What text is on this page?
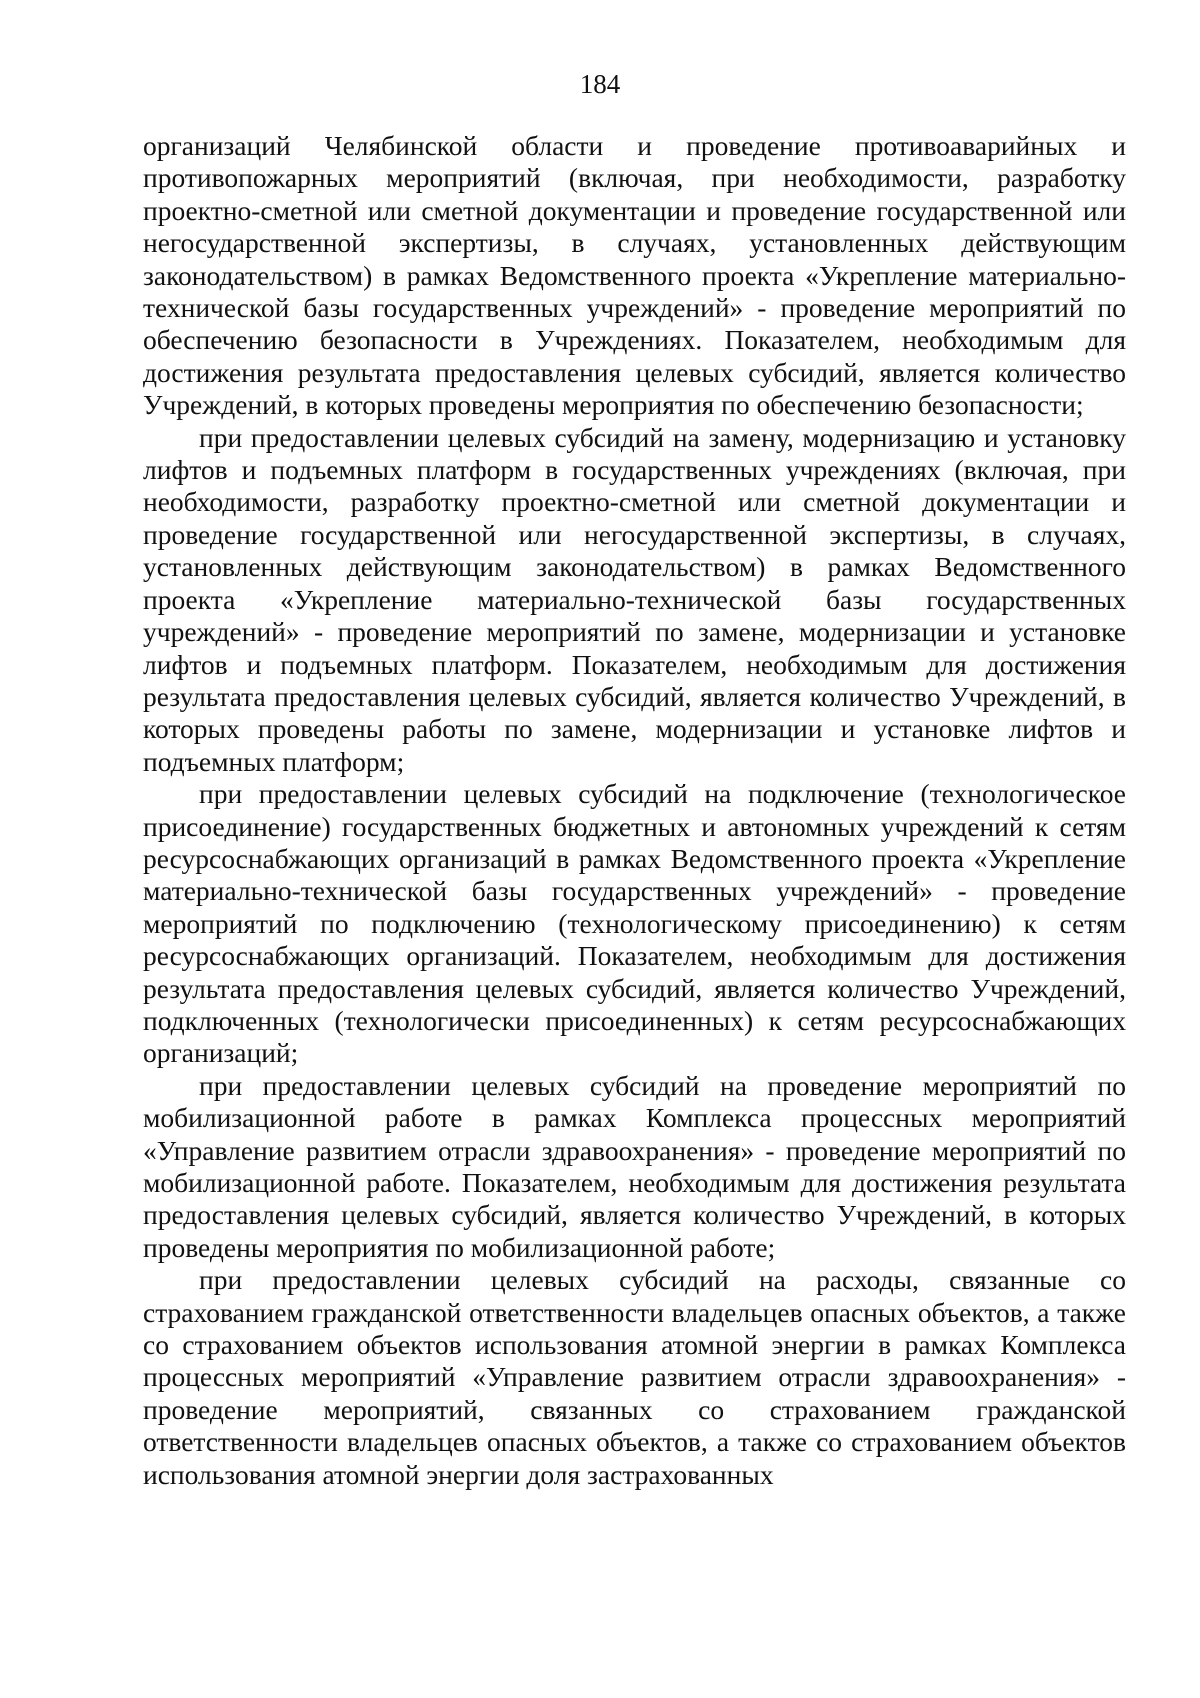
184

организаций Челябинской области и проведение противоаварийных и противопожарных мероприятий (включая, при необходимости, разработку проектно-сметной или сметной документации и проведение государственной или негосударственной экспертизы, в случаях, установленных действующим законодательством) в рамках Ведомственного проекта «Укрепление материально-технической базы государственных учреждений» - проведение мероприятий по обеспечению безопасности в Учреждениях. Показателем, необходимым для достижения результата предоставления целевых субсидий, является количество Учреждений, в которых проведены мероприятия по обеспечению безопасности;

при предоставлении целевых субсидий на замену, модернизацию и установку лифтов и подъемных платформ в государственных учреждениях (включая, при необходимости, разработку проектно-сметной или сметной документации и проведение государственной или негосударственной экспертизы, в случаях, установленных действующим законодательством) в рамках Ведомственного проекта «Укрепление материально-технической базы государственных учреждений» - проведение мероприятий по замене, модернизации и установке лифтов и подъемных платформ. Показателем, необходимым для достижения результата предоставления целевых субсидий, является количество Учреждений, в которых проведены работы по замене, модернизации и установке лифтов и подъемных платформ;

при предоставлении целевых субсидий на подключение (технологическое присоединение) государственных бюджетных и автономных учреждений к сетям ресурсоснабжающих организаций в рамках Ведомственного проекта «Укрепление материально-технической базы государственных учреждений» - проведение мероприятий по подключению (технологическому присоединению) к сетям ресурсоснабжающих организаций. Показателем, необходимым для достижения результата предоставления целевых субсидий, является количество Учреждений, подключенных (технологически присоединенных) к сетям ресурсоснабжающих организаций;

при предоставлении целевых субсидий на проведение мероприятий по мобилизационной работе в рамках Комплекса процессных мероприятий «Управление развитием отрасли здравоохранения» - проведение мероприятий по мобилизационной работе. Показателем, необходимым для достижения результата предоставления целевых субсидий, является количество Учреждений, в которых проведены мероприятия по мобилизационной работе;

при предоставлении целевых субсидий на расходы, связанные со страхованием гражданской ответственности владельцев опасных объектов, а также со страхованием объектов использования атомной энергии в рамках Комплекса процессных мероприятий «Управление развитием отрасли здравоохранения» - проведение мероприятий, связанных со страхованием гражданской ответственности владельцев опасных объектов, а также со страхованием объектов использования атомной энергии доля застрахованных
